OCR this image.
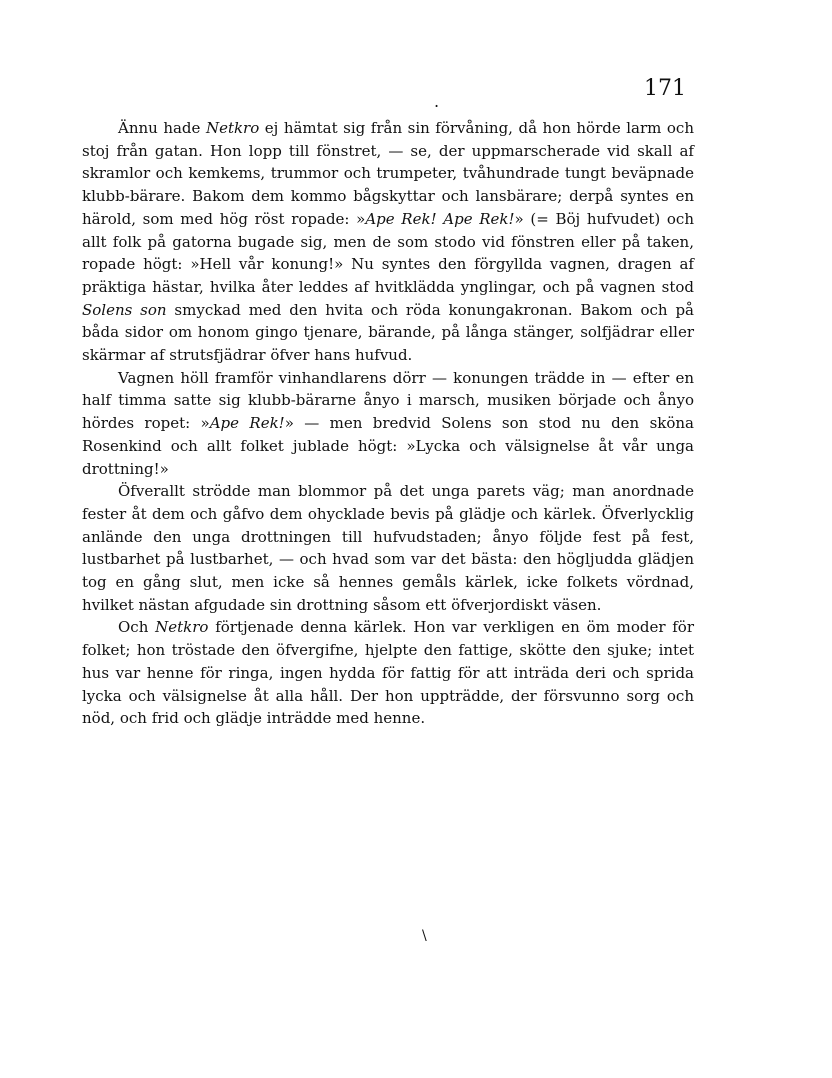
.
171

Ännu hade Netkro ej hämtat sig från sin förvåning, då hon hörde larm och stoj från gatan. Hon lopp till fönstret, — se, der uppmarscherade vid skall af skramlor och kemkems, trummor och trumpeter, tvåhundrade tungt beväpnade klubb-bärare. Bakom dem kommo bågskyttar och lansbärare; derpå syntes en härold, som med hög röst ropade: »Ape Rek! Ape Rek!» (= Böj hufvudet) och allt folk på gatorna bugade sig, men de som stodo vid fönstren eller på taken, ropade högt: »Hell vår konung!» Nu syntes den förgyllda vagnen, dragen af präktiga hästar, hvilka åter leddes af hvitklädda ynglingar, och på vagnen stod Solens son smyckad med den hvita och röda konungakronan. Bakom och på båda sidor om honom gingo tjenare, bärande, på långa stänger, solfjädrar eller skärmar af strutsfjädrar öfver hans hufvud.

Vagnen höll framför vinhandlarens dörr — konungen trädde in — efter en half timma satte sig klubb-bärarne ånyo i marsch, musiken började och ånyo hördes ropet: »Ape Rek!» — men bredvid Solens son stod nu den sköna Rosenkind och allt folket jublade högt: »Lycka och välsignelse åt vår unga drottning!»

Öfverallt strödde man blommor på det unga parets väg; man anordnade fester åt dem och gåfvo dem ohycklade bevis på glädje och kärlek. Öfverlycklig anlände den unga drottningen till hufvudstaden; ånyo följde fest på fest, lustbarhet på lustbarhet, — och hvad som var det bästa: den högljudda glädjen tog en gång slut, men icke så hennes gemåls kärlek, icke folkets vördnad, hvilket nästan afgudade sin drottning såsom ett öfverjordiskt väsen.

Och Netkro förtjenade denna kärlek. Hon var verkligen en öm moder för folket; hon tröstade den öfvergifne, hjelpte den fattige, skötte den sjuke; intet hus var henne för ringa, ingen hydda för fattig för att inträda deri och sprida lycka och välsignelse åt alla håll. Der hon uppträdde, der försvunno sorg och nöd, och frid och glädje inträdde med henne.

\
